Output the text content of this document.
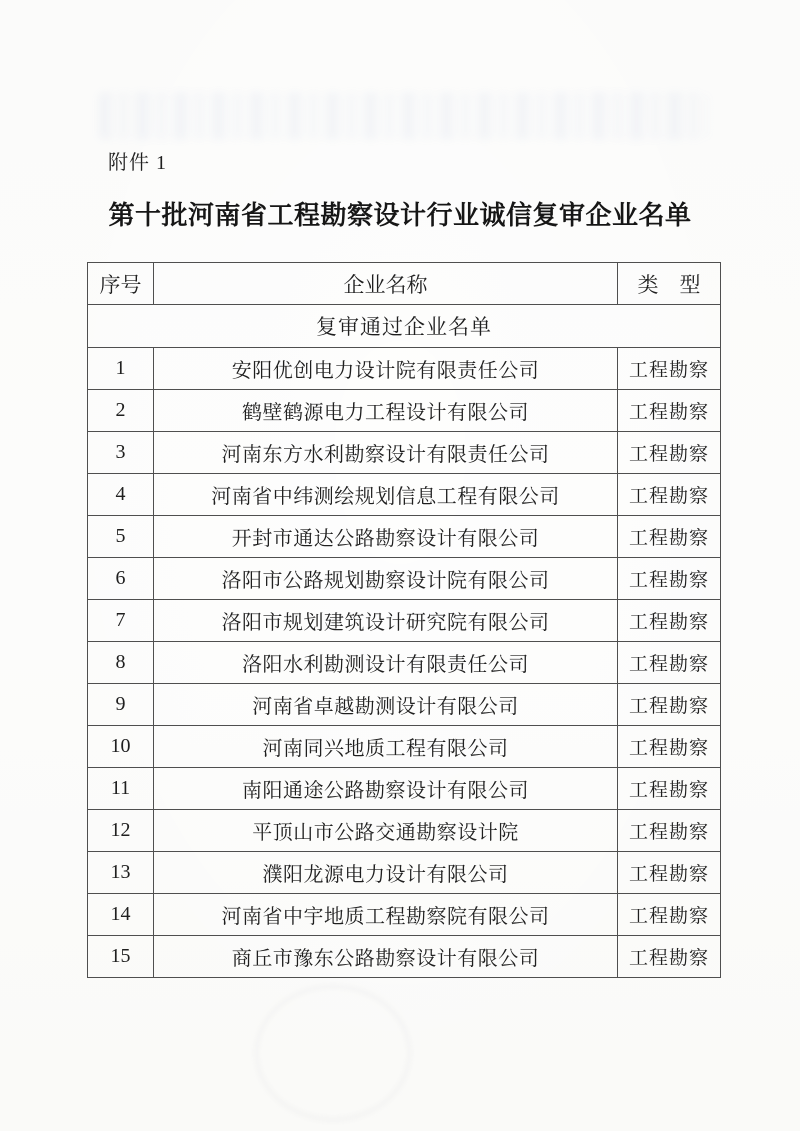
附件 1
第十批河南省工程勘察设计行业诚信复审企业名单
序号	企业名称	类　型
复审通过企业名单		
1	安阳优创电力设计院有限责任公司	工程勘察
2	鹤壁鹤源电力工程设计有限公司	工程勘察
3	河南东方水利勘察设计有限责任公司	工程勘察
4	河南省中纬测绘规划信息工程有限公司	工程勘察
5	开封市通达公路勘察设计有限公司	工程勘察
6	洛阳市公路规划勘察设计院有限公司	工程勘察
7	洛阳市规划建筑设计研究院有限公司	工程勘察
8	洛阳水利勘测设计有限责任公司	工程勘察
9	河南省卓越勘测设计有限公司	工程勘察
10	河南同兴地质工程有限公司	工程勘察
11	南阳通途公路勘察设计有限公司	工程勘察
12	平顶山市公路交通勘察设计院	工程勘察
13	濮阳龙源电力设计有限公司	工程勘察
14	河南省中宇地质工程勘察院有限公司	工程勘察
15	商丘市豫东公路勘察设计有限公司	工程勘察
